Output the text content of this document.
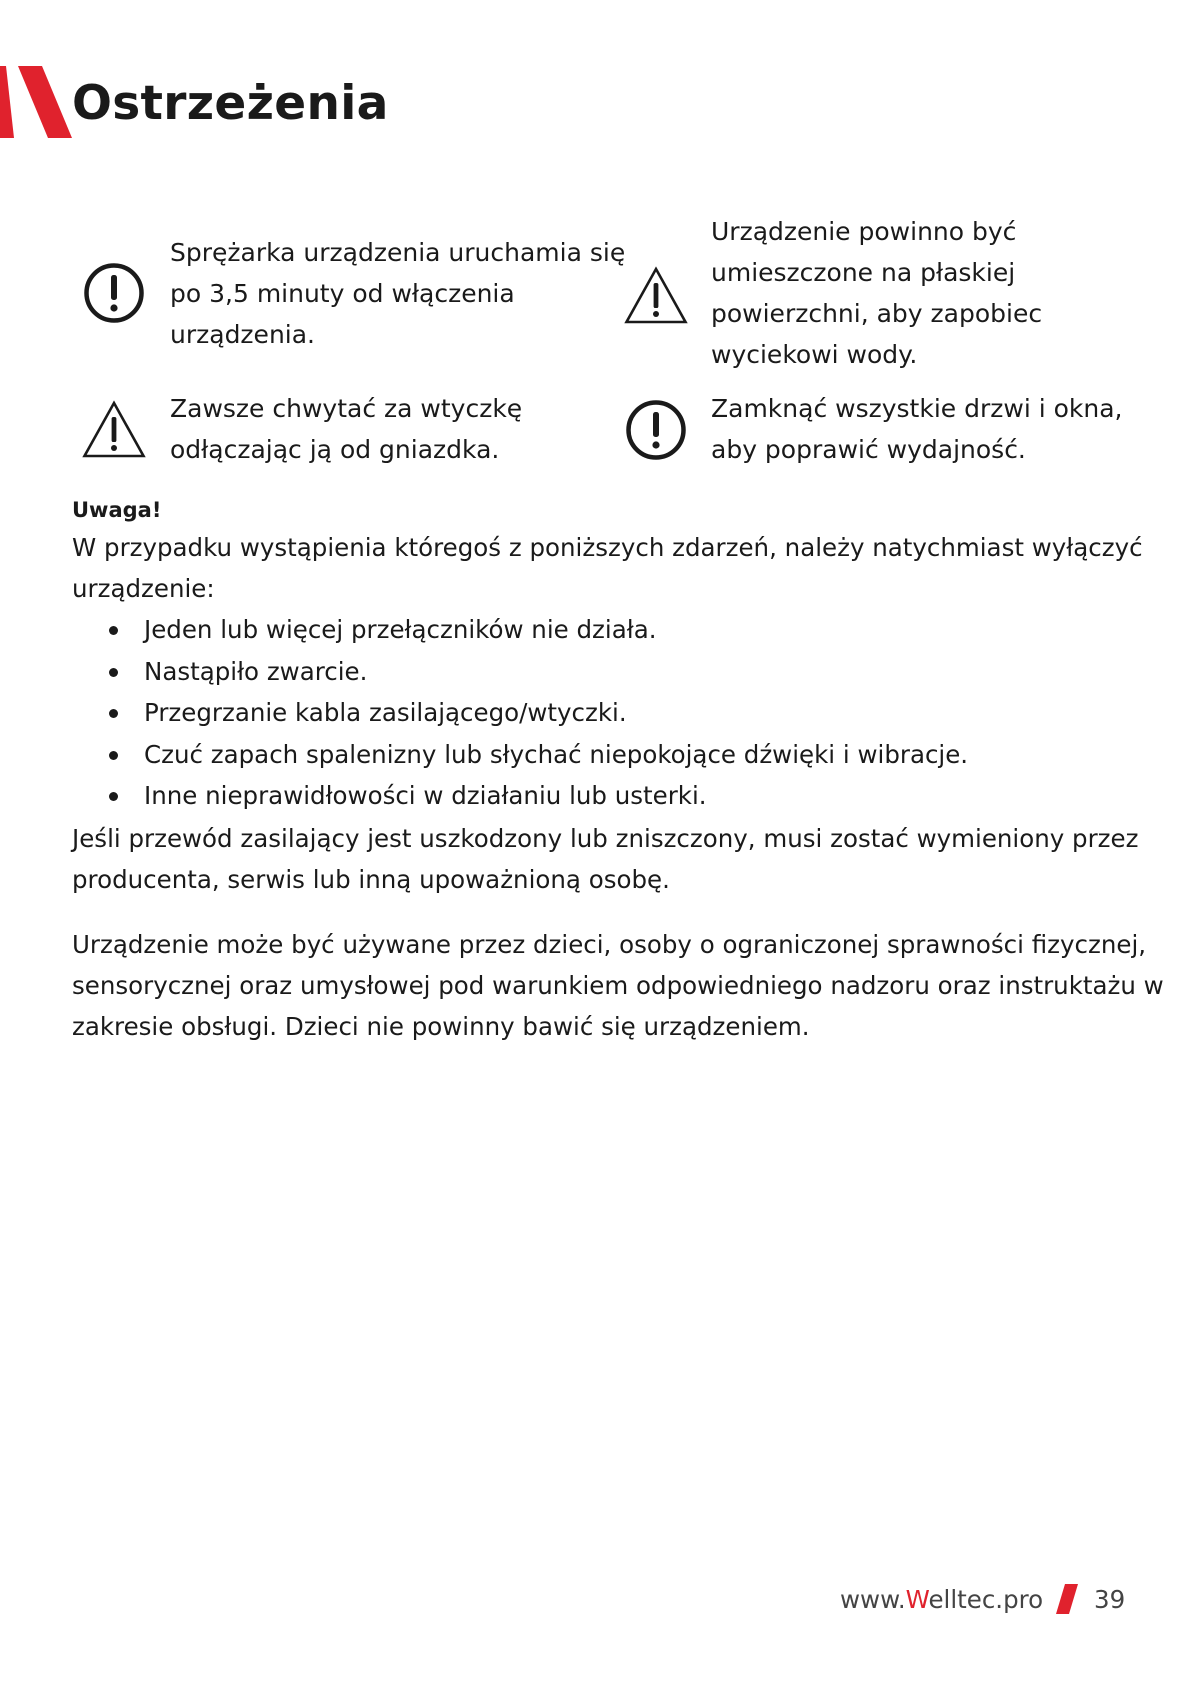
Ostrzeżenia
Sprężarka urządzenia uruchamia się
po 3,5 minuty od włączenia
urządzenia.
Urządzenie powinno być
umieszczone na płaskiej
powierzchni, aby zapobiec
wyciekowi wody.
Zawsze chwytać za wtyczkę
odłączając ją od gniazdka.
Zamknąć wszystkie drzwi i okna,
aby poprawić wydajność.
Uwaga!
W przypadku wystąpienia któregoś z poniższych zdarzeń, należy natychmiast wyłączyć
urządzenie:
Jeden lub więcej przełączników nie działa.
Nastąpiło zwarcie.
Przegrzanie kabla zasilającego/wtyczki.
Czuć zapach spalenizny lub słychać niepokojące dźwięki i wibracje.
Inne nieprawidłowości w działaniu lub usterki.
Jeśli przewód zasilający jest uszkodzony lub zniszczony, musi zostać wymieniony przez
producenta, serwis lub inną upoważnioną osobę.
Urządzenie może być używane przez dzieci, osoby o ograniczonej sprawności fizycznej,
sensorycznej oraz umysłowej pod warunkiem odpowiedniego nadzoru oraz instruktażu w
zakresie obsługi. Dzieci nie powinny bawić się urządzeniem.
www.Welltec.pro 39
